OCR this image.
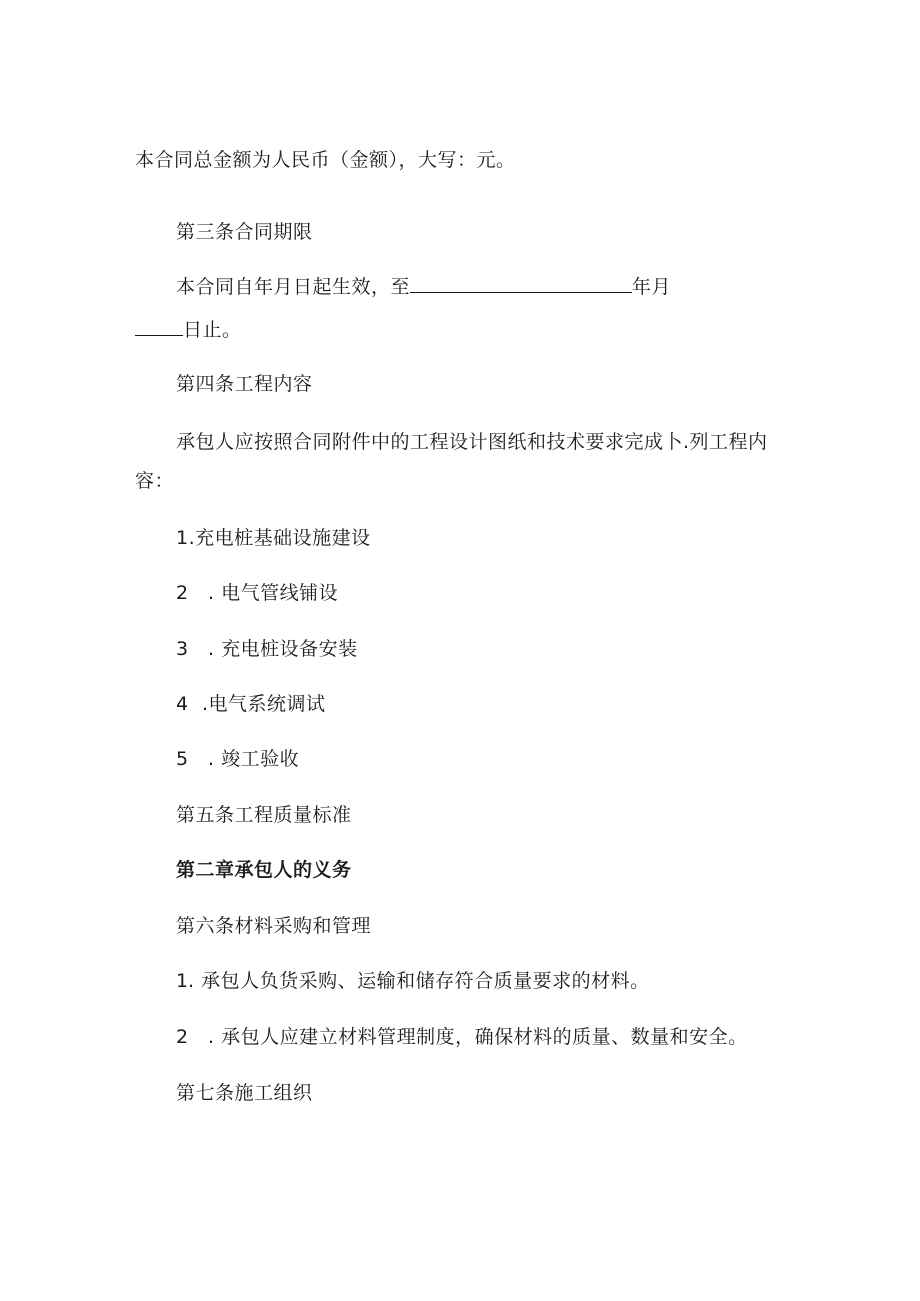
本合同总金额为人民币（金额），大写：元。
第三条合同期限
本合同自年月日起生效，至	年月
日止。
第四条工程内容
承包人应按照合同附件中的工程设计图纸和技术要求完成卜.列工程内
容：
1.充电桩基础设施建设
2 . 电气管线铺设
3 . 充电桩设备安装
4 .电气系统调试
5 . 竣工验收
第五条工程质量标准
第二章承包人的义务
第六条材料采购和管理
1. 承包人负货采购、运输和储存符合质量要求的材料。
2 . 承包人应建立材料管理制度，确保材料的质量、数量和安全。
第七条施工组织
